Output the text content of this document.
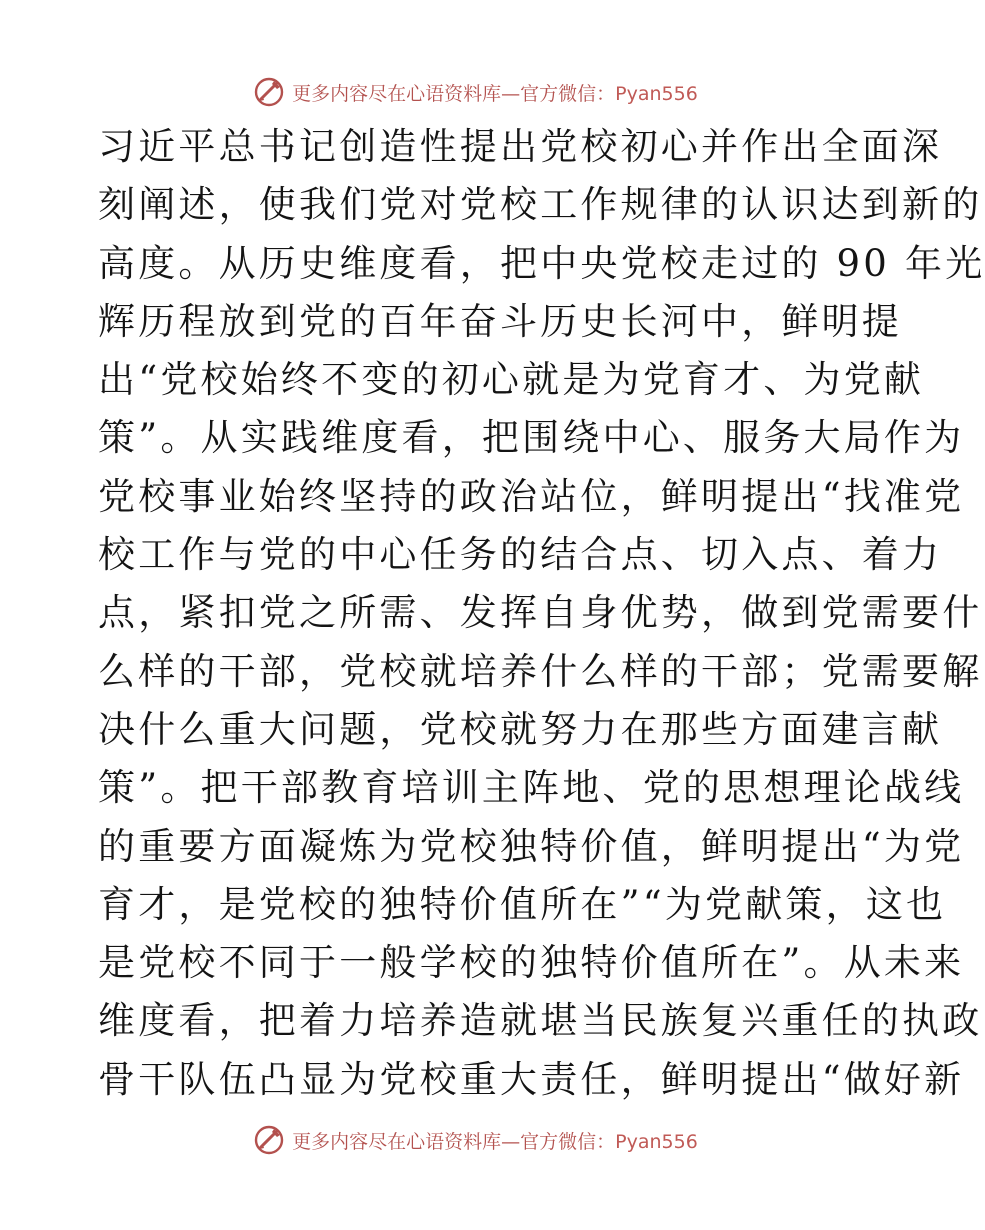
更多内容尽在心语资料库—官方微信：Pyan556
习近平总书记创造性提出党校初心并作出全面深
刻阐述，使我们党对党校工作规律的认识达到新的
高度。从历史维度看，把中央党校走过的 90 年光
辉历程放到党的百年奋斗历史长河中，鲜明提
出“党校始终不变的初心就是为党育才、为党献
策”。从实践维度看，把围绕中心、服务大局作为
党校事业始终坚持的政治站位，鲜明提出“找准党
校工作与党的中心任务的结合点、切入点、着力
点，紧扣党之所需、发挥自身优势，做到党需要什
么样的干部，党校就培养什么样的干部；党需要解
决什么重大问题，党校就努力在那些方面建言献
策”。把干部教育培训主阵地、党的思想理论战线
的重要方面凝炼为党校独特价值，鲜明提出“为党
育才，是党校的独特价值所在”“为党献策，这也
是党校不同于一般学校的独特价值所在”。从未来
维度看，把着力培养造就堪当民族复兴重任的执政
骨干队伍凸显为党校重大责任，鲜明提出“做好新
更多内容尽在心语资料库—官方微信：Pyan556
